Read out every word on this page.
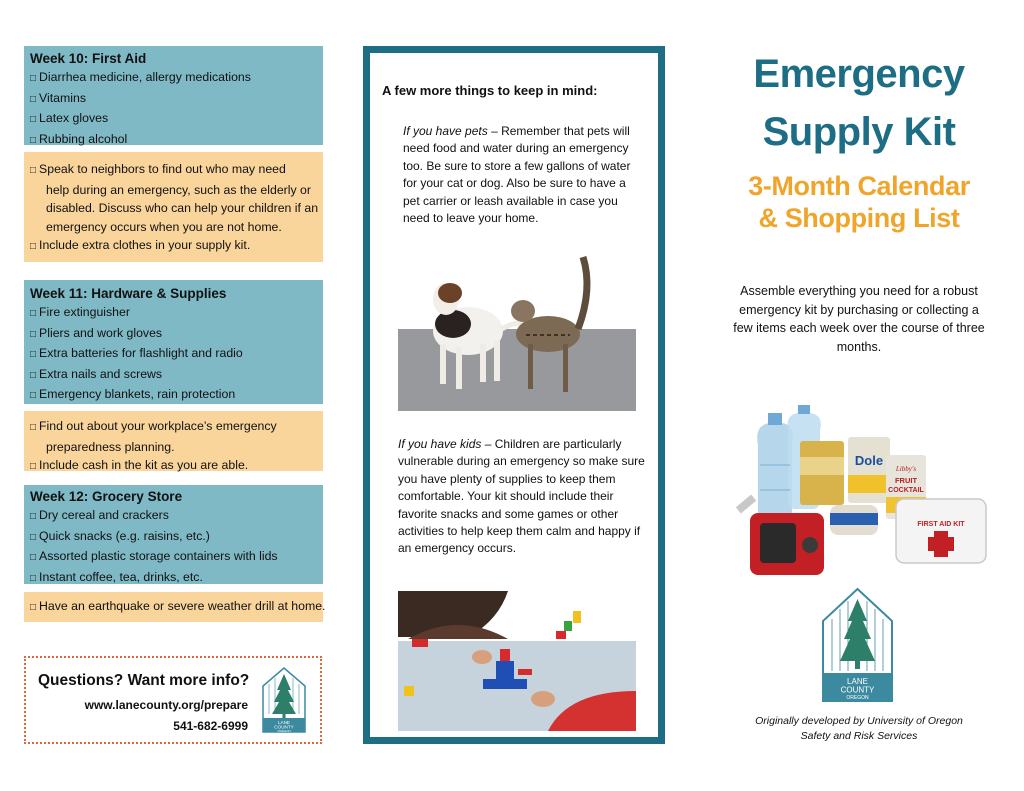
Week 10: First Aid
□ Diarrhea medicine, allergy medications
□ Vitamins
□ Latex gloves
□ Rubbing alcohol
□ Speak to neighbors to find out who may need
help during an emergency, such as the elderly or
disabled. Discuss who can help your children if an
emergency occurs when you are not home.
□ Include extra clothes in your supply kit.
Week 11: Hardware & Supplies
□ Fire extinguisher
□ Pliers and work gloves
□ Extra batteries for flashlight and radio
□ Extra nails and screws
□ Emergency blankets, rain protection
□ Find out about your workplace’s emergency
preparedness planning.
□ Include cash in the kit as you are able.
Week 12: Grocery Store
□ Dry cereal and crackers
□ Quick snacks (e.g. raisins, etc.)
□ Assorted plastic storage containers with lids
□ Instant coffee, tea, drinks, etc.
□ Have an earthquake or severe weather drill at home.
Questions? Want more info?
www.lanecounty.org/prepare
541-682-6999	LANE
COUNTY
OREGON
A few more things to keep in mind:
If you have pets – Remember that pets will need food and water during an emergency too. Be sure to store a few gallons of water for your cat or dog. Also be sure to have a pet carrier or leash available in case you need to leave your home.
If you have kids – Children are particularly vulnerable during an emergency so make sure you have plenty of supplies to keep them comfortable. Your kit should include their favorite snacks and some games or other activities to help keep them calm and happy if an emergency occurs.
Emergency
Supply Kit
3-Month Calendar
& Shopping List
Assemble everything you need for a robust emergency kit by purchasing or collecting a few items each week over the course of three months.
Dole
Libby's
FRUIT
COCKTAIL
FIRST AID KIT
LANE
COUNTY
OREGON
Originally developed by University of Oregon
Safety and Risk Services
